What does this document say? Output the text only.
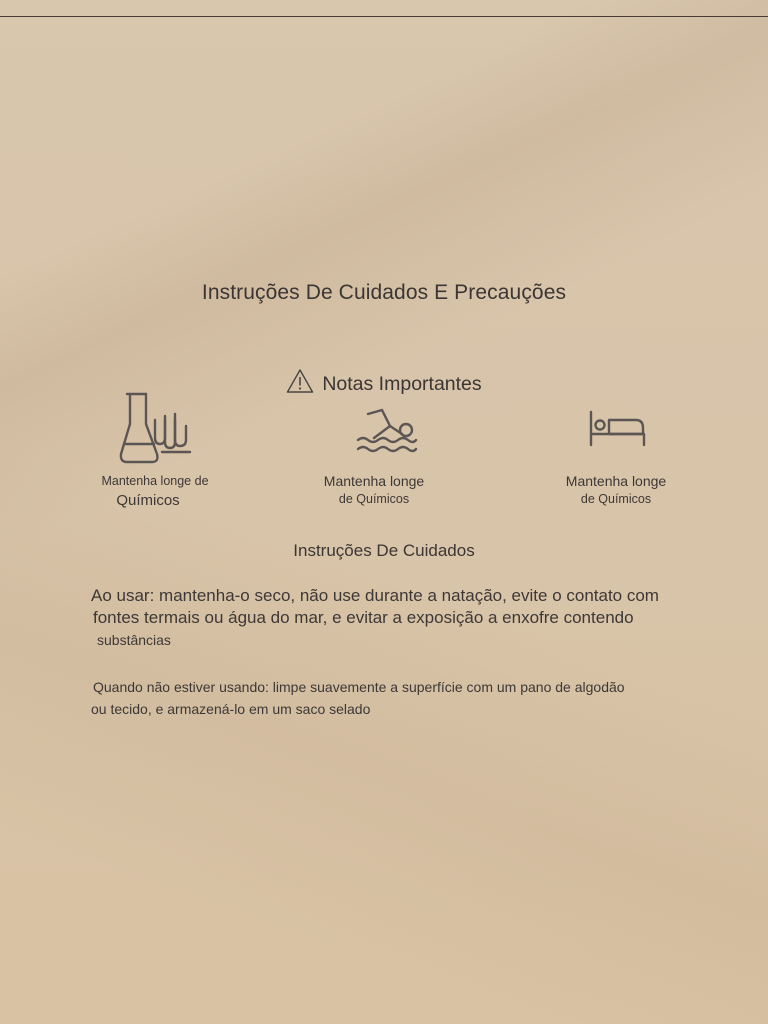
Instruções De Cuidados E Precauções
Notas Importantes
Mantenha longe de
Químicos
Mantenha longe
de Químicos
Mantenha longe
de Químicos
Instruções De Cuidados
Ao usar: mantenha-o seco, não use durante a natação, evite o contato com
fontes termais ou água do mar, e evitar a exposição a enxofre contendo
substâncias
Quando não estiver usando: limpe suavemente a superfície com um pano de algodão
ou tecido, e armazená-lo em um saco selado
